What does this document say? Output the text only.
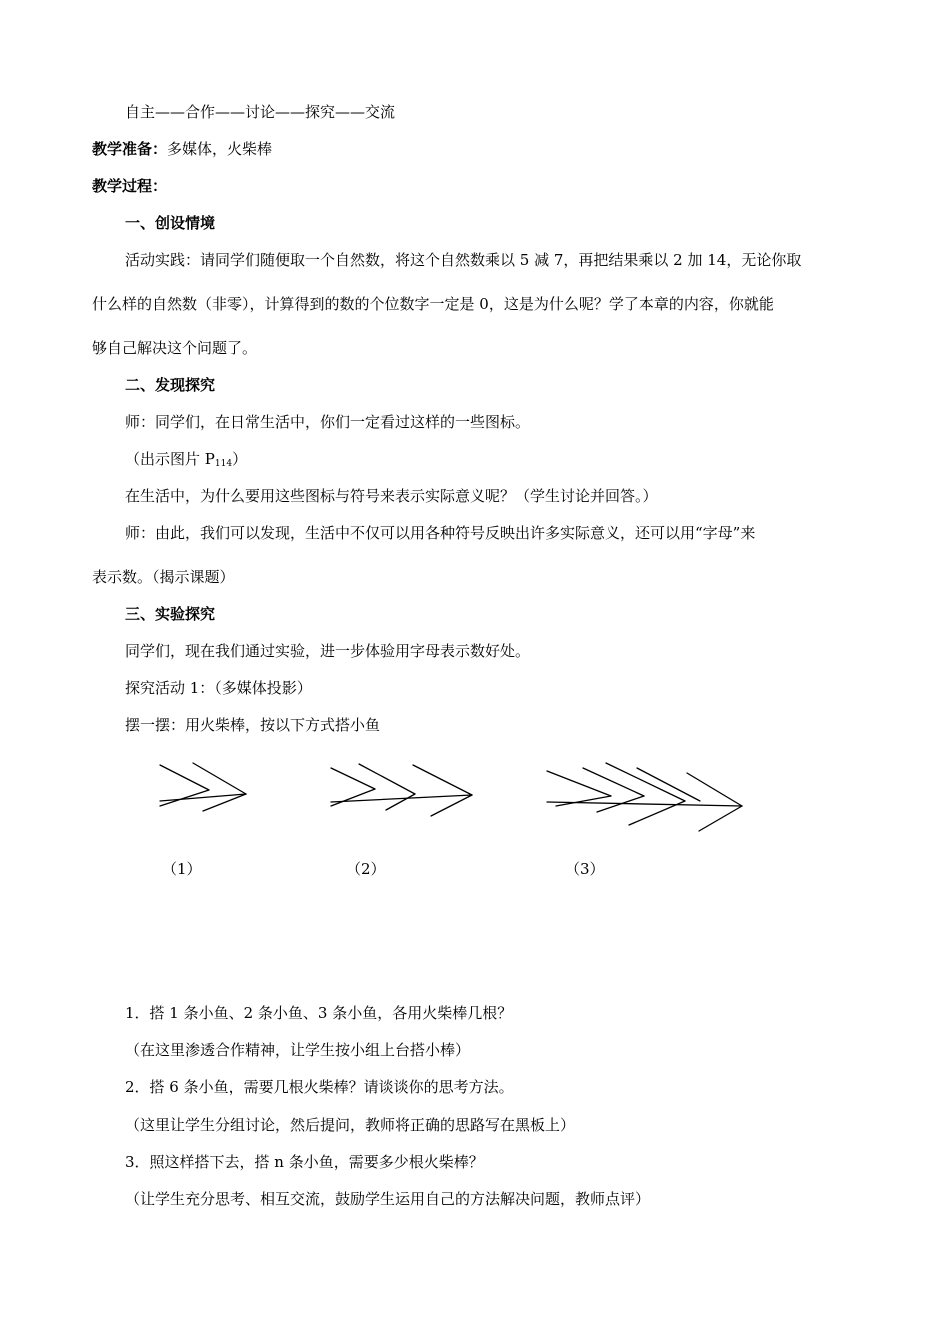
自主——合作——讨论——探究——交流
教学准备：多媒体，火柴棒
教学过程：
一、创设情境
活动实践：请同学们随便取一个自然数，将这个自然数乘以 5 减 7，再把结果乘以 2 加 14，无论你取
什么样的自然数（非零），计算得到的数的个位数字一定是 0，这是为什么呢？学了本章的内容，你就能
够自己解决这个问题了。
二、发现探究
师：同学们，在日常生活中，你们一定看过这样的一些图标。
（出示图片 $P_{114}$）
在生活中，为什么要用这些图标与符号来表示实际意义呢？（学生讨论并回答。）
师：由此，我们可以发现，生活中不仅可以用各种符号反映出许多实际意义，还可以用“字母”来
表示数。（揭示课题）
三、实验探究
同学们，现在我们通过实验，进一步体验用字母表示数好处。
探究活动 1：（多媒体投影）
摆一摆：用火柴棒，按以下方式搭小鱼
（1）	（2）	（3）
1．搭 1 条小鱼、2 条小鱼、3 条小鱼，各用火柴棒几根？
（在这里渗透合作精神，让学生按小组上台搭小棒）
2．搭 6 条小鱼，需要几根火柴棒？请谈谈你的思考方法。
（这里让学生分组讨论，然后提问，教师将正确的思路写在黑板上）
3．照这样搭下去，搭 n 条小鱼，需要多少根火柴棒？
（让学生充分思考、相互交流，鼓励学生运用自己的方法解决问题，教师点评）
